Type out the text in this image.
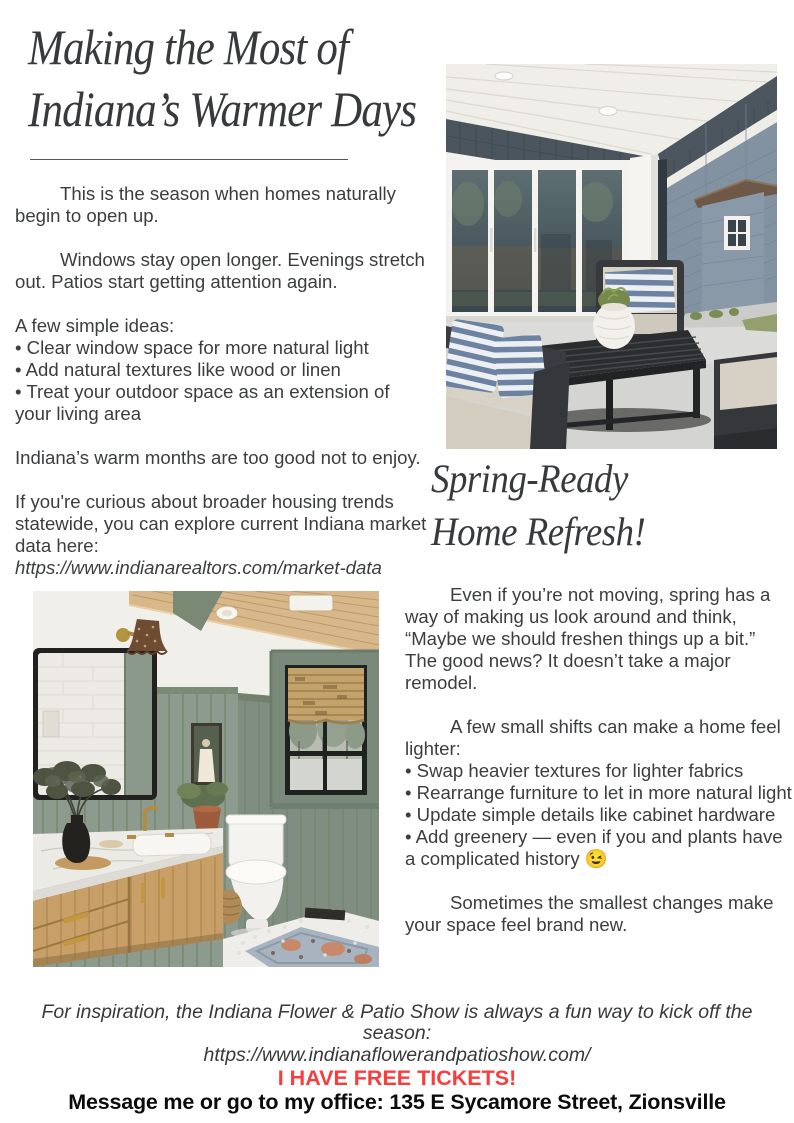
Making the Most of
Indiana’s Warmer Days

This is the season when homes naturally begin to open up.

Windows stay open longer. Evenings stretch out. Patios start getting attention again.

A few simple ideas:

• Clear window space for more natural light

• Add natural textures like wood or linen

• Treat your outdoor space as an extension of your living area

Indiana’s warm months are too good not to enjoy.

If you're curious about broader housing trends statewide, you can explore current Indiana market data here:

https://www.indianarealtors.com/market-data

Spring-Ready
Home Refresh!

Even if you’re not moving, spring has a way of making us look around and think, “Maybe we should freshen things up a bit.”

The good news? It doesn’t take a major remodel.

A few small shifts can make a home feel lighter:

• Swap heavier textures for lighter fabrics

• Rearrange furniture to let in more natural light

• Update simple details like cabinet hardware

• Add greenery — even if you and plants have a complicated history 😉

Sometimes the smallest changes make your space feel brand new.

For inspiration, the Indiana Flower & Patio Show is always a fun way to kick off the season:

https://www.indianaflowerandpatioshow.com/

I HAVE FREE TICKETS!

Message me or go to my office: 135 E Sycamore Street, Zionsville
